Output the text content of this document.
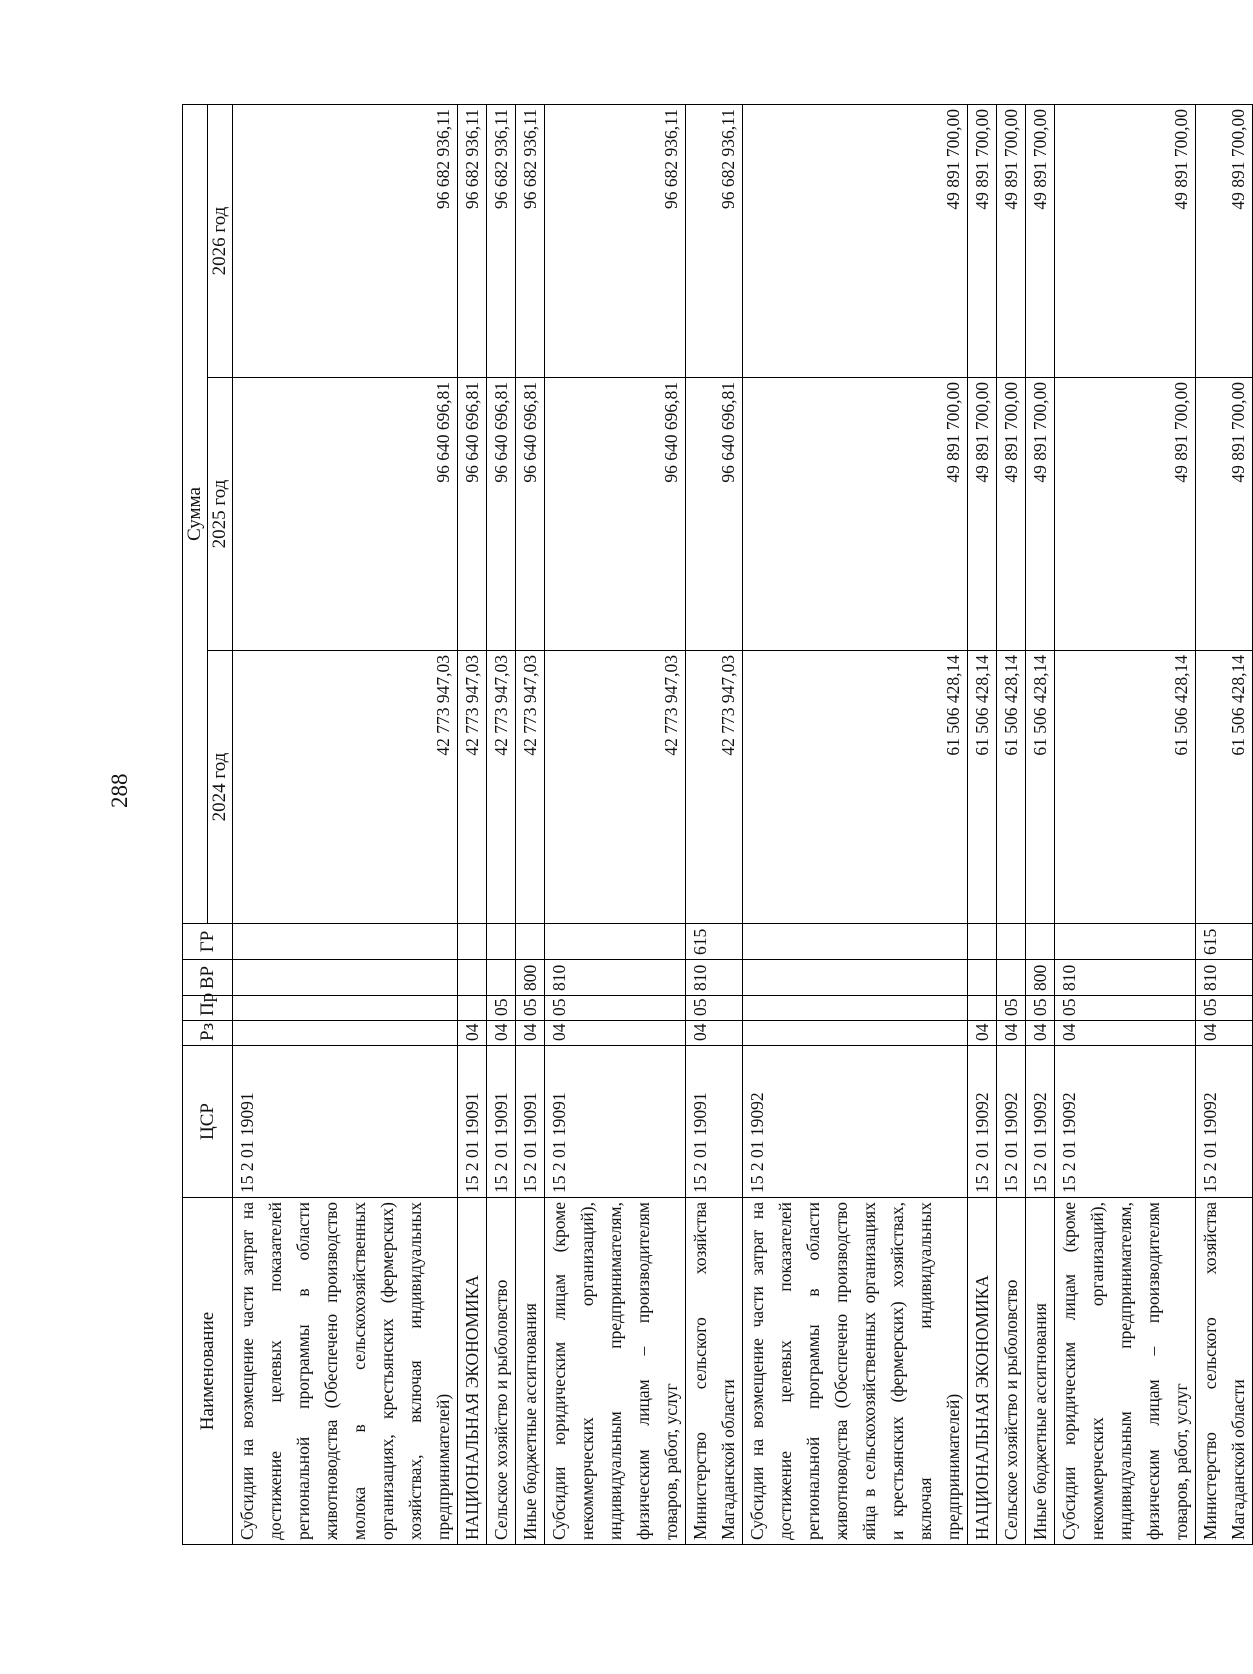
288
Наименование	ЦСР	Рз	Пр	ВР	ГР	Сумма		
						2024 год	2025 год	2026 год
Субсидии на возмещение части затрат на достижение целевых показателей региональной программы в области животноводства (Обеспечено производство молока в сельскохозяйственных организациях, крестьянских (фермерских) хозяйствах, включая индивидуальных предпринимателей)	15 2 01 19091					42 773 947,03	96 640 696,81	96 682 936,11
НАЦИОНАЛЬНАЯ ЭКОНОМИКА	15 2 01 19091	04				42 773 947,03	96 640 696,81	96 682 936,11
Сельское хозяйство и рыболовство	15 2 01 19091	04	05			42 773 947,03	96 640 696,81	96 682 936,11
Иные бюджетные ассигнования	15 2 01 19091	04	05	800		42 773 947,03	96 640 696,81	96 682 936,11
Субсидии юридическим лицам (кроме некоммерческих организаций), индивидуальным предпринимателям, физическим лицам – производителям товаров, работ, услуг	15 2 01 19091	04	05	810		42 773 947,03	96 640 696,81	96 682 936,11
Министерство сельского хозяйства Магаданской области	15 2 01 19091	04	05	810	615	42 773 947,03	96 640 696,81	96 682 936,11
Субсидии на возмещение части затрат на достижение целевых показателей региональной программы в области животноводства (Обеспечено производство яйца в сельскохозяйственных организациях и крестьянских (фермерских) хозяйствах, включая индивидуальных предпринимателей)	15 2 01 19092					61 506 428,14	49 891 700,00	49 891 700,00
НАЦИОНАЛЬНАЯ ЭКОНОМИКА	15 2 01 19092	04				61 506 428,14	49 891 700,00	49 891 700,00
Сельское хозяйство и рыболовство	15 2 01 19092	04	05			61 506 428,14	49 891 700,00	49 891 700,00
Иные бюджетные ассигнования	15 2 01 19092	04	05	800		61 506 428,14	49 891 700,00	49 891 700,00
Субсидии юридическим лицам (кроме некоммерческих организаций), индивидуальным предпринимателям, физическим лицам – производителям товаров, работ, услуг	15 2 01 19092	04	05	810		61 506 428,14	49 891 700,00	49 891 700,00
Министерство сельского хозяйства Магаданской области	15 2 01 19092	04	05	810	615	61 506 428,14	49 891 700,00	49 891 700,00
